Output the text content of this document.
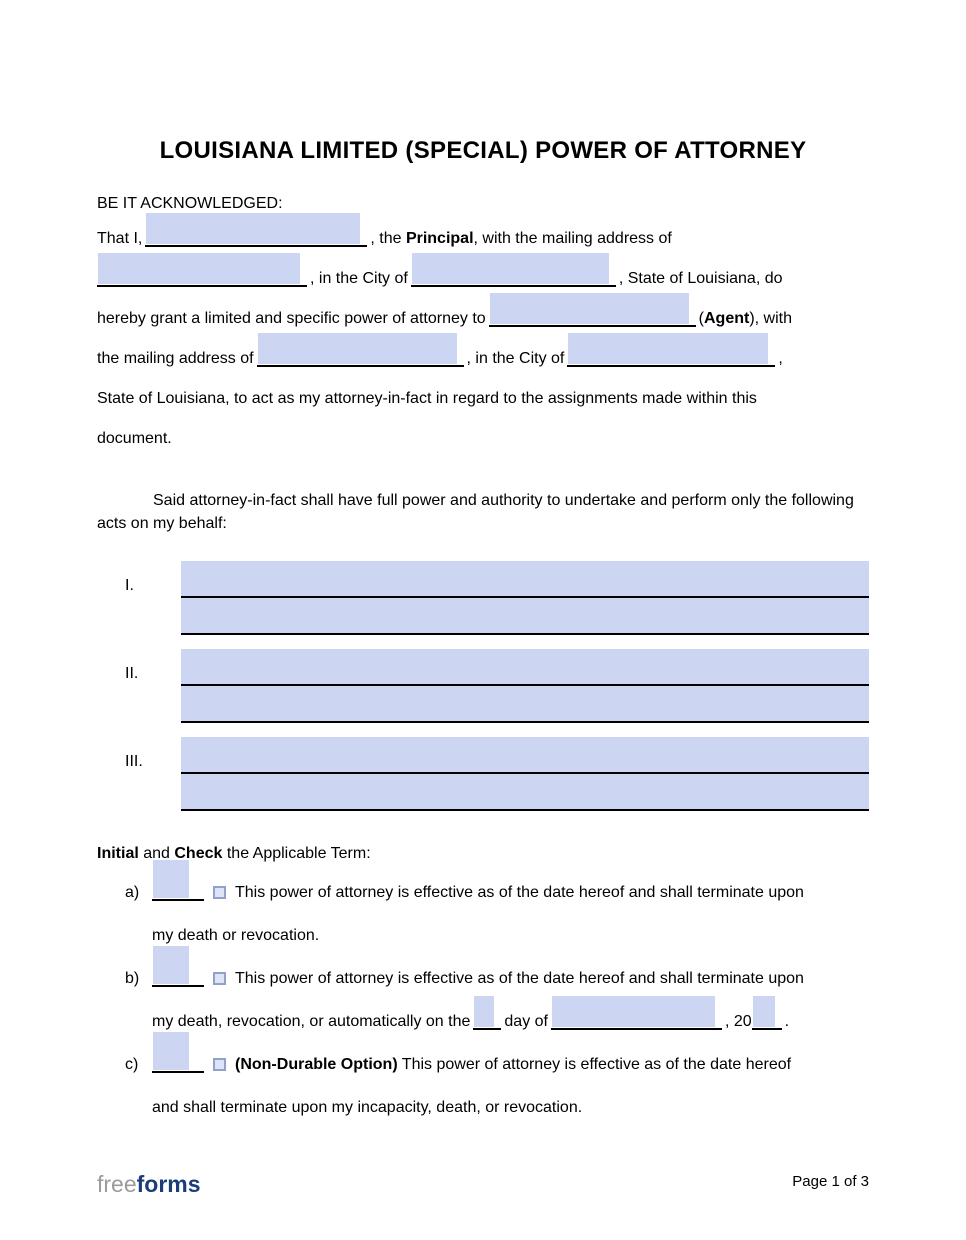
LOUISIANA LIMITED (SPECIAL) POWER OF ATTORNEY

BE IT ACKNOWLEDGED:

That I,	, the Principal, with the mailing address of
, in the City of	, State of Louisiana, do
hereby grant a limited and specific power of attorney to	(Agent), with
the mailing address of	, in the City of	,
State of Louisiana, to act as my attorney-in-fact in regard to the assignments made within this
document.

Said attorney-in-fact shall have full power and authority to undertake and perform only the following acts on my behalf:

I.
II.
III.

Initial and Check the Applicable Term:

a)	This power of attorney is effective as of the date hereof and shall terminate upon
my death or revocation.
b)	This power of attorney is effective as of the date hereof and shall terminate upon
my death, revocation, or automatically on the day of	, 20 .
c)	(Non-Durable Option) This power of attorney is effective as of the date hereof
and shall terminate upon my incapacity, death, or revocation.
freeforms	Page 1 of 3
